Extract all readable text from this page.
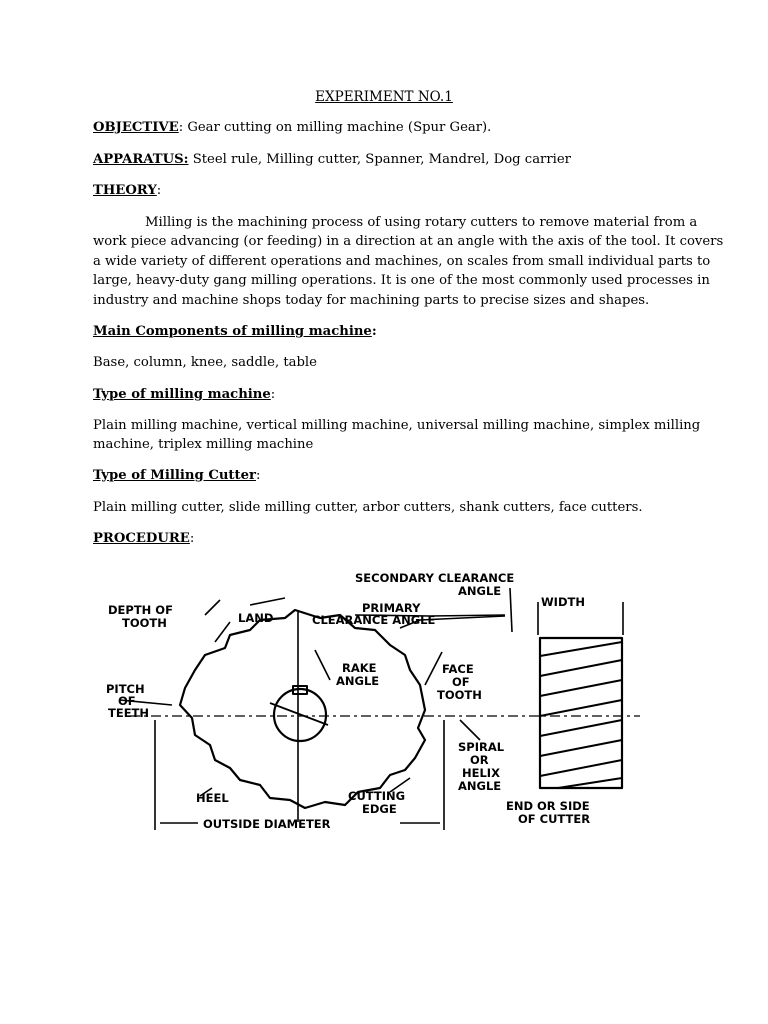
EXPERIMENT NO.1
OBJECTIVE: Gear cutting on milling machine (Spur Gear).
APPARATUS: Steel rule, Milling cutter, Spanner, Mandrel, Dog carrier
THEORY:
Milling is the machining process of using rotary cutters to remove material from a
work piece advancing (or feeding) in a direction at an angle with the axis of the tool. It covers
a wide variety of different operations and machines, on scales from small individual parts to
large, heavy-duty gang milling operations. It is one of the most commonly used processes in
industry and machine shops today for machining parts to precise sizes and shapes.
Main Components of milling machine:
Base, column, knee, saddle, table
Type of milling machine:
Plain milling machine, vertical milling machine, universal milling machine, simplex milling
machine, triplex milling machine
Type of Milling Cutter:
Plain milling cutter, slide milling cutter, arbor cutters, shank cutters, face cutters.
PROCEDURE:
SECONDARY CLEARANCE
ANGLE
WIDTH
DEPTH OF
TOOTH	LAND
PRIMARY
CLEARANCE ANGLE
RAKE
ANGLE
FACE
OF
TOOTH
PITCH
OF
TEETH
SPIRAL
OR
HELIX
ANGLE
HEEL	CUTTING
EDGE	END OR SIDE
OF CUTTER
OUTSIDE DIAMETER
